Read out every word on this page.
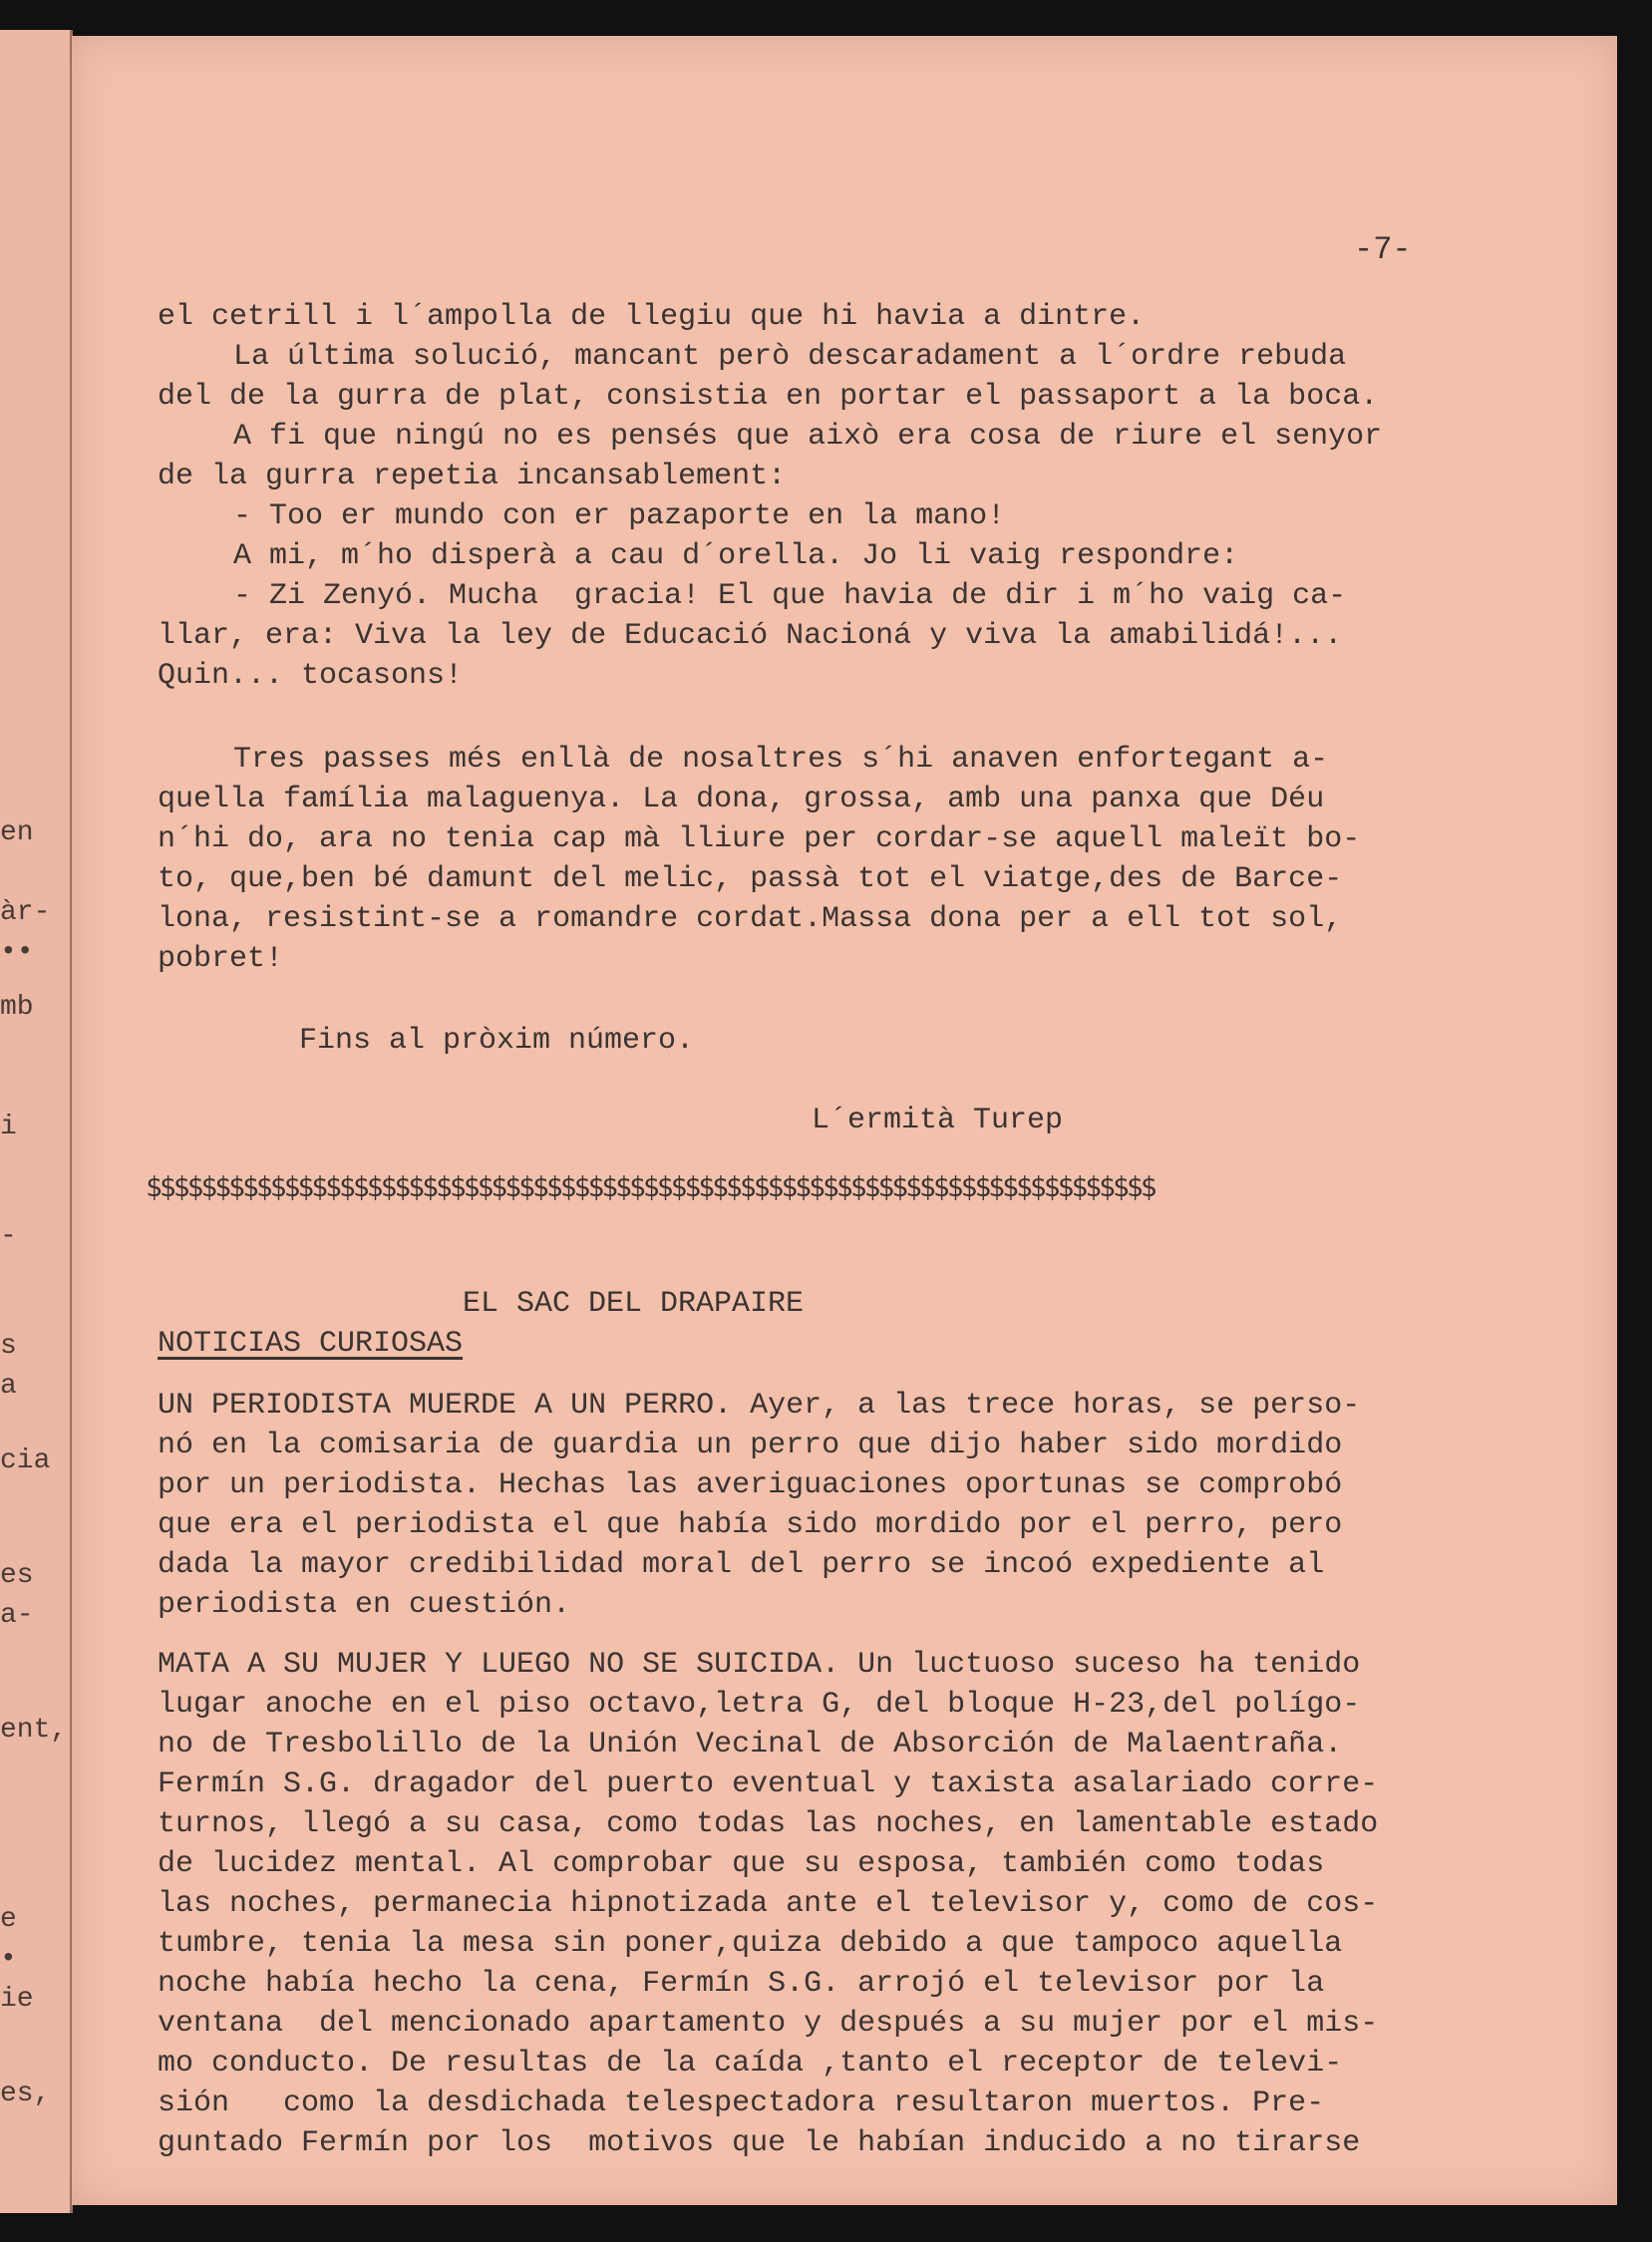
en
àr-
••
mb
i
-
s
a
cia
es
a-
ent,
e
•
ie
es,
-7-
el cetrill i l´ampolla de llegiu que hi havia a dintre.
La última solució, mancant però descaradament a l´ordre rebuda
del de la gurra de plat, consistia en portar el passaport a la boca.
A fi que ningú no es pensés que això era cosa de riure el senyor
de la gurra repetia incansablement:
- Too er mundo con er pazaporte en la mano!
A mi, m´ho disperà a cau d´orella. Jo li vaig respondre:
- Zi Zenyó. Mucha  gracia! El que havia de dir i m´ho vaig ca-
llar, era: Viva la ley de Educació Nacioná y viva la amabilidá!...
Quin... tocasons!
Tres passes més enllà de nosaltres s´hi anaven enfortegant a-
quella família malaguenya. La dona, grossa, amb una panxa que Déu
n´hi do, ara no tenia cap mà lliure per cordar-se aquell maleït bo-
to, que,ben bé damunt del melic, passà tot el viatge,des de Barce-
lona, resistint-se a romandre cordat.Massa dona per a ell tot sol,
pobret!
Fins al pròxim número.
L´ermità Turep
EL SAC DEL DRAPAIRE
NOTICIAS CURIOSAS
UN PERIODISTA MUERDE A UN PERRO. Ayer, a las trece horas, se perso-
nó en la comisaria de guardia un perro que dijo haber sido mordido
por un periodista. Hechas las averiguaciones oportunas se comprobó
que era el periodista el que había sido mordido por el perro, pero
dada la mayor credibilidad moral del perro se incoó expediente al
periodista en cuestión.
MATA A SU MUJER Y LUEGO NO SE SUICIDA. Un luctuoso suceso ha tenido
lugar anoche en el piso octavo,letra G, del bloque H-23,del polígo-
no de Tresbolillo de la Unión Vecinal de Absorción de Malaentraña.
Fermín S.G. dragador del puerto eventual y taxista asalariado corre-
turnos, llegó a su casa, como todas las noches, en lamentable estado
de lucidez mental. Al comprobar que su esposa, también como todas
las noches, permanecia hipnotizada ante el televisor y, como de cos-
tumbre, tenia la mesa sin poner,quiza debido a que tampoco aquella
noche había hecho la cena, Fermín S.G. arrojó el televisor por la
ventana  del mencionado apartamento y después a su mujer por el mis-
mo conducto. De resultas de la caída ,tanto el receptor de televi-
sión   como la desdichada telespectadora resultaron muertos. Pre-
guntado Fermín por los  motivos que le habían inducido a no tirarse
$$$$$$$$$$$$$$$$$$$$$$$$$$$$$$$$$$$$$$$$$$$$$$$$$$$$$$$$$$$$$$$$$$$$$$$$$
